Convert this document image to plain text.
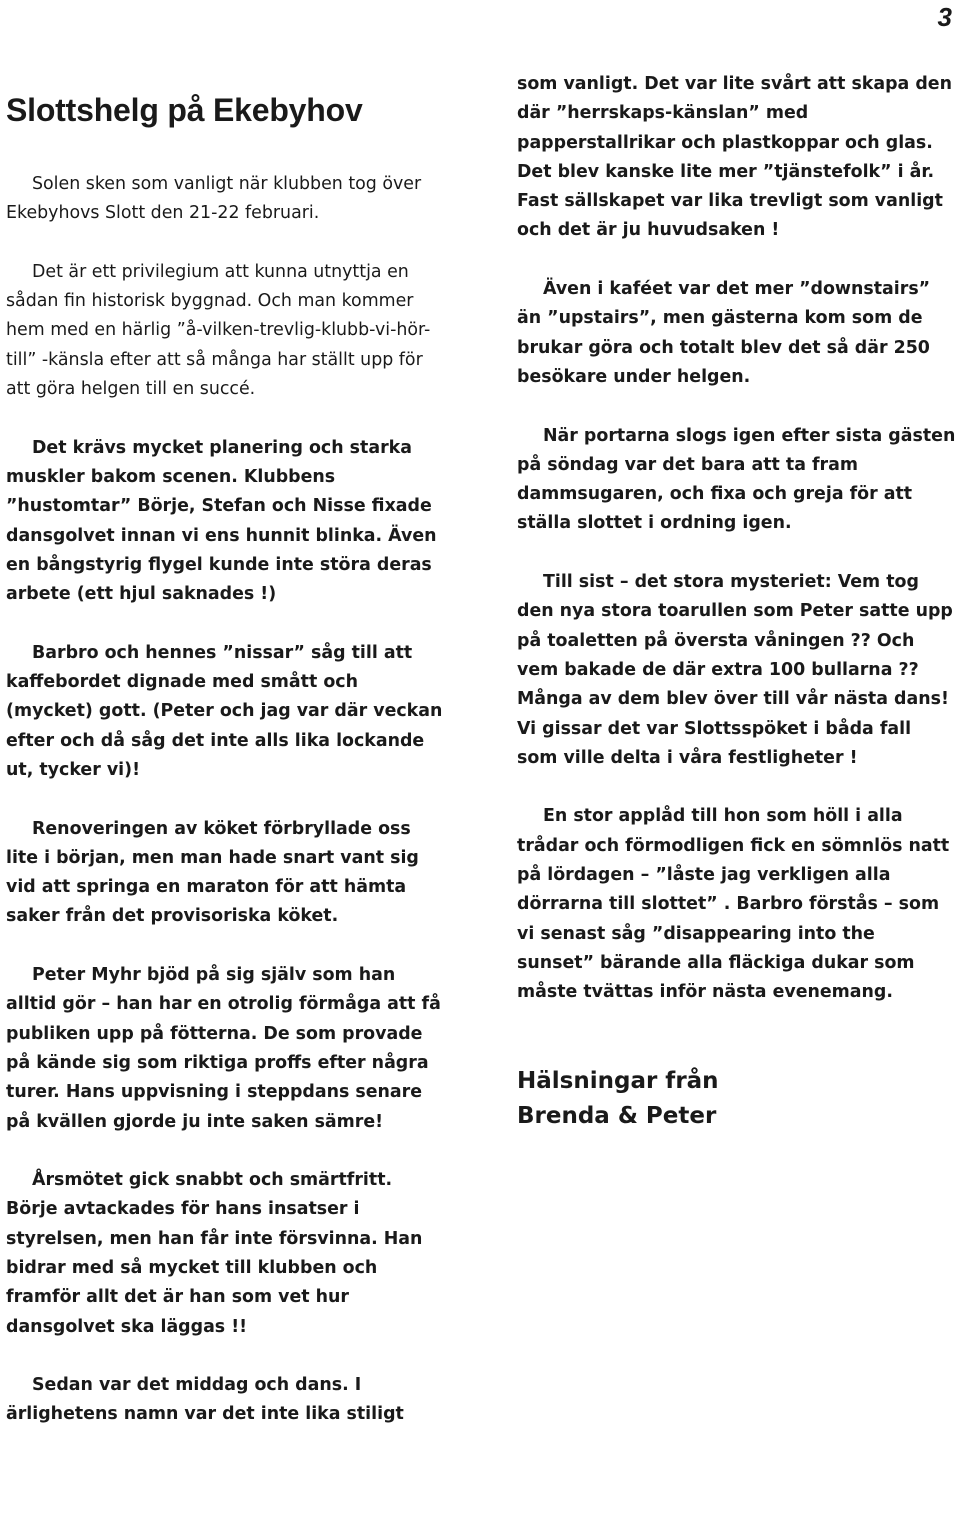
3
Slottshelg på Ekebyhov

Solen sken som vanligt när klubben tog över Ekebyhovs Slott den 21-22 februari.

Det är ett privilegium att kunna utnyttja en sådan fin historisk byggnad. Och man kommer hem med en härlig ”å-vilken-trevlig-klubb-vi-hör-till” -känsla efter att så många har ställt upp för att göra helgen till en succé.

Det krävs mycket planering och starka muskler bakom scenen. Klubbens ”hustomtar” Börje, Stefan och Nisse fixade dansgolvet innan vi ens hunnit blinka. Även en bångstyrig flygel kunde inte störa deras arbete (ett hjul saknades !)

Barbro och hennes ”nissar” såg till att kaffebordet dignade med smått och (mycket) gott. (Peter och jag var där veckan efter och då såg det inte alls lika lockande ut, tycker vi)!

Renoveringen av köket förbryllade oss lite i början, men man hade snart vant sig vid att springa en maraton för att hämta saker från det provisoriska köket.

Peter Myhr bjöd på sig själv som han alltid gör – han har en otrolig förmåga att få publiken upp på fötterna. De som provade på kände sig som riktiga proffs efter några turer. Hans uppvisning i steppdans senare på kvällen gjorde ju inte saken sämre!

Årsmötet gick snabbt och smärtfritt. Börje avtackades för hans insatser i styrelsen, men han får inte försvinna. Han bidrar med så mycket till klubben och framför allt det är han som vet hur dansgolvet ska läggas !!

Sedan var det middag och dans. I ärlighetens namn var det inte lika stiligt

som vanligt. Det var lite svårt att skapa den där ”herrskaps-känslan” med papperstallrikar och plastkoppar och glas. Det blev kanske lite mer ”tjänstefolk” i år. Fast sällskapet var lika trevligt som vanligt och det är ju huvudsaken !

Även i kaféet var det mer ”downstairs” än ”upstairs”, men gästerna kom som de brukar göra och totalt blev det så där 250 besökare under helgen.

När portarna slogs igen efter sista gästen på söndag var det bara att ta fram dammsugaren, och fixa och greja för att ställa slottet i ordning igen.

Till sist – det stora mysteriet: Vem tog den nya stora toarullen som Peter satte upp på toaletten på översta våningen ?? Och vem bakade de där extra 100 bullarna ?? Många av dem blev över till vår nästa dans! Vi gissar det var Slottsspöket i båda fall som ville delta i våra festligheter !

En stor applåd till hon som höll i alla trådar och förmodligen fick en sömnlös natt på lördagen – ”låste jag verkligen alla dörrarna till slottet” . Barbro förstås – som vi senast såg ”disappearing into the sunset” bärande alla fläckiga dukar som måste tvättas inför nästa evenemang.

Hälsningar från
Brenda & Peter
